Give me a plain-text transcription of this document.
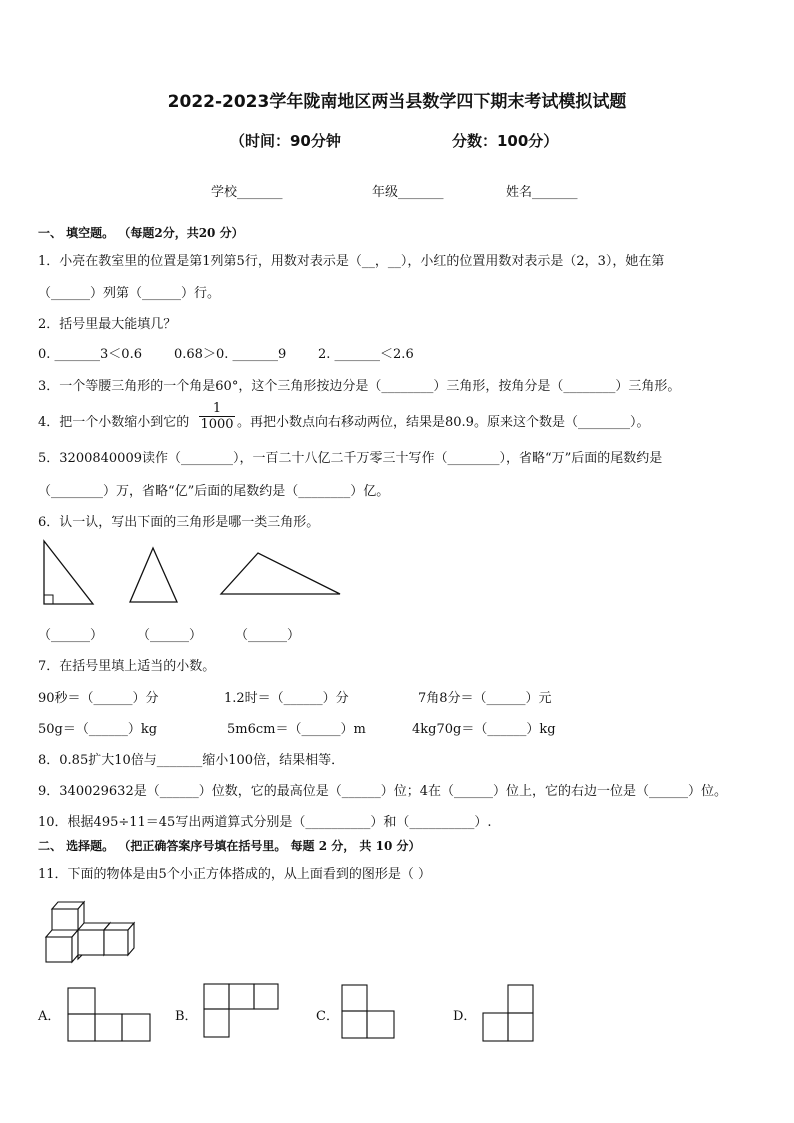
2022-2023学年陇南地区两当县数学四下期末考试模拟试题
（时间：90分钟	分数：100分）
学校_______	年级_______	姓名_______
一、 填空题。 （每题2分，共20 分）
1．小亮在教室里的位置是第1列第5行，用数对表示是（__，__），小红的位置用数对表示是（2，3），她在第
（______）列第（______）行。
2．括号里最大能填几？
0. _______3＜0.6 0.68＞0. _______9 2. _______＜2.6
3．一个等腰三角形的一个角是60°，这个三角形按边分是（________）三角形，按角分是（________）三角形。
4．把一个小数缩小到它的 $\frac{1}{1000}$ 。再把小数点向右移动两位，结果是80.9。原来这个数是（________）。
5．3200840009读作（________），一百二十八亿二千万零三十写作（________），省略“万”后面的尾数约是
（________）万，省略“亿”后面的尾数约是（________）亿。
6．认一认，写出下面的三角形是哪一类三角形。
（______）	（______）	（______）
7．在括号里填上适当的小数。
90秒＝（______）分	1.2时＝（______）分	7角8分＝（______）元
50g＝（______）kg	5m6cm＝（______）m	4kg70g＝（______）kg
8．0.85扩大10倍与_______缩小100倍，结果相等．
9．340029632是（______）位数，它的最高位是（______）位；4在（______）位上，它的右边一位是（______）位。
10．根据495÷11＝45写出两道算式分别是（__________）和（__________）.
二、 选择题。 （把正确答案序号填在括号里。 每题 2 分， 共 10 分）
11．下面的物体是由5个小正方体搭成的，从上面看到的图形是（ ）
A．	B．	C．	D．
